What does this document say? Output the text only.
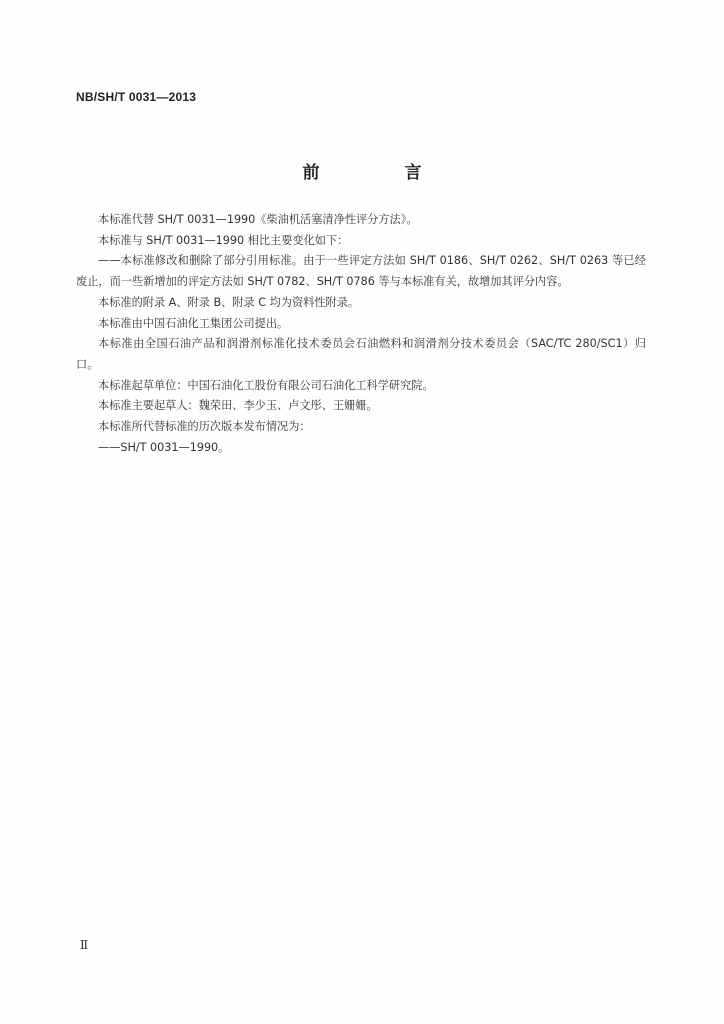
NB/SH/T 0031—2013
前　言

本标准代替 SH/T 0031—1990《柴油机活塞清净性评分方法》。

本标准与 SH/T 0031—1990 相比主要变化如下：

——本标准修改和删除了部分引用标准。由于一些评定方法如 SH/T 0186、SH/T 0262、SH/T 0263 等已经废止，而一些新增加的评定方法如 SH/T 0782、SH/T 0786 等与本标准有关，故增加其评分内容。

本标准的附录 A、附录 B、附录 C 均为资料性附录。

本标准由中国石油化工集团公司提出。

本标准由全国石油产品和润滑剂标准化技术委员会石油燃料和润滑剂分技术委员会（SAC/TC 280/SC1）归口。

本标准起草单位：中国石油化工股份有限公司石油化工科学研究院。

本标准主要起草人：魏荣田、李少玉、卢文彤、王姗姗。

本标准所代替标准的历次版本发布情况为：

——SH/T 0031—1990。

Ⅱ
